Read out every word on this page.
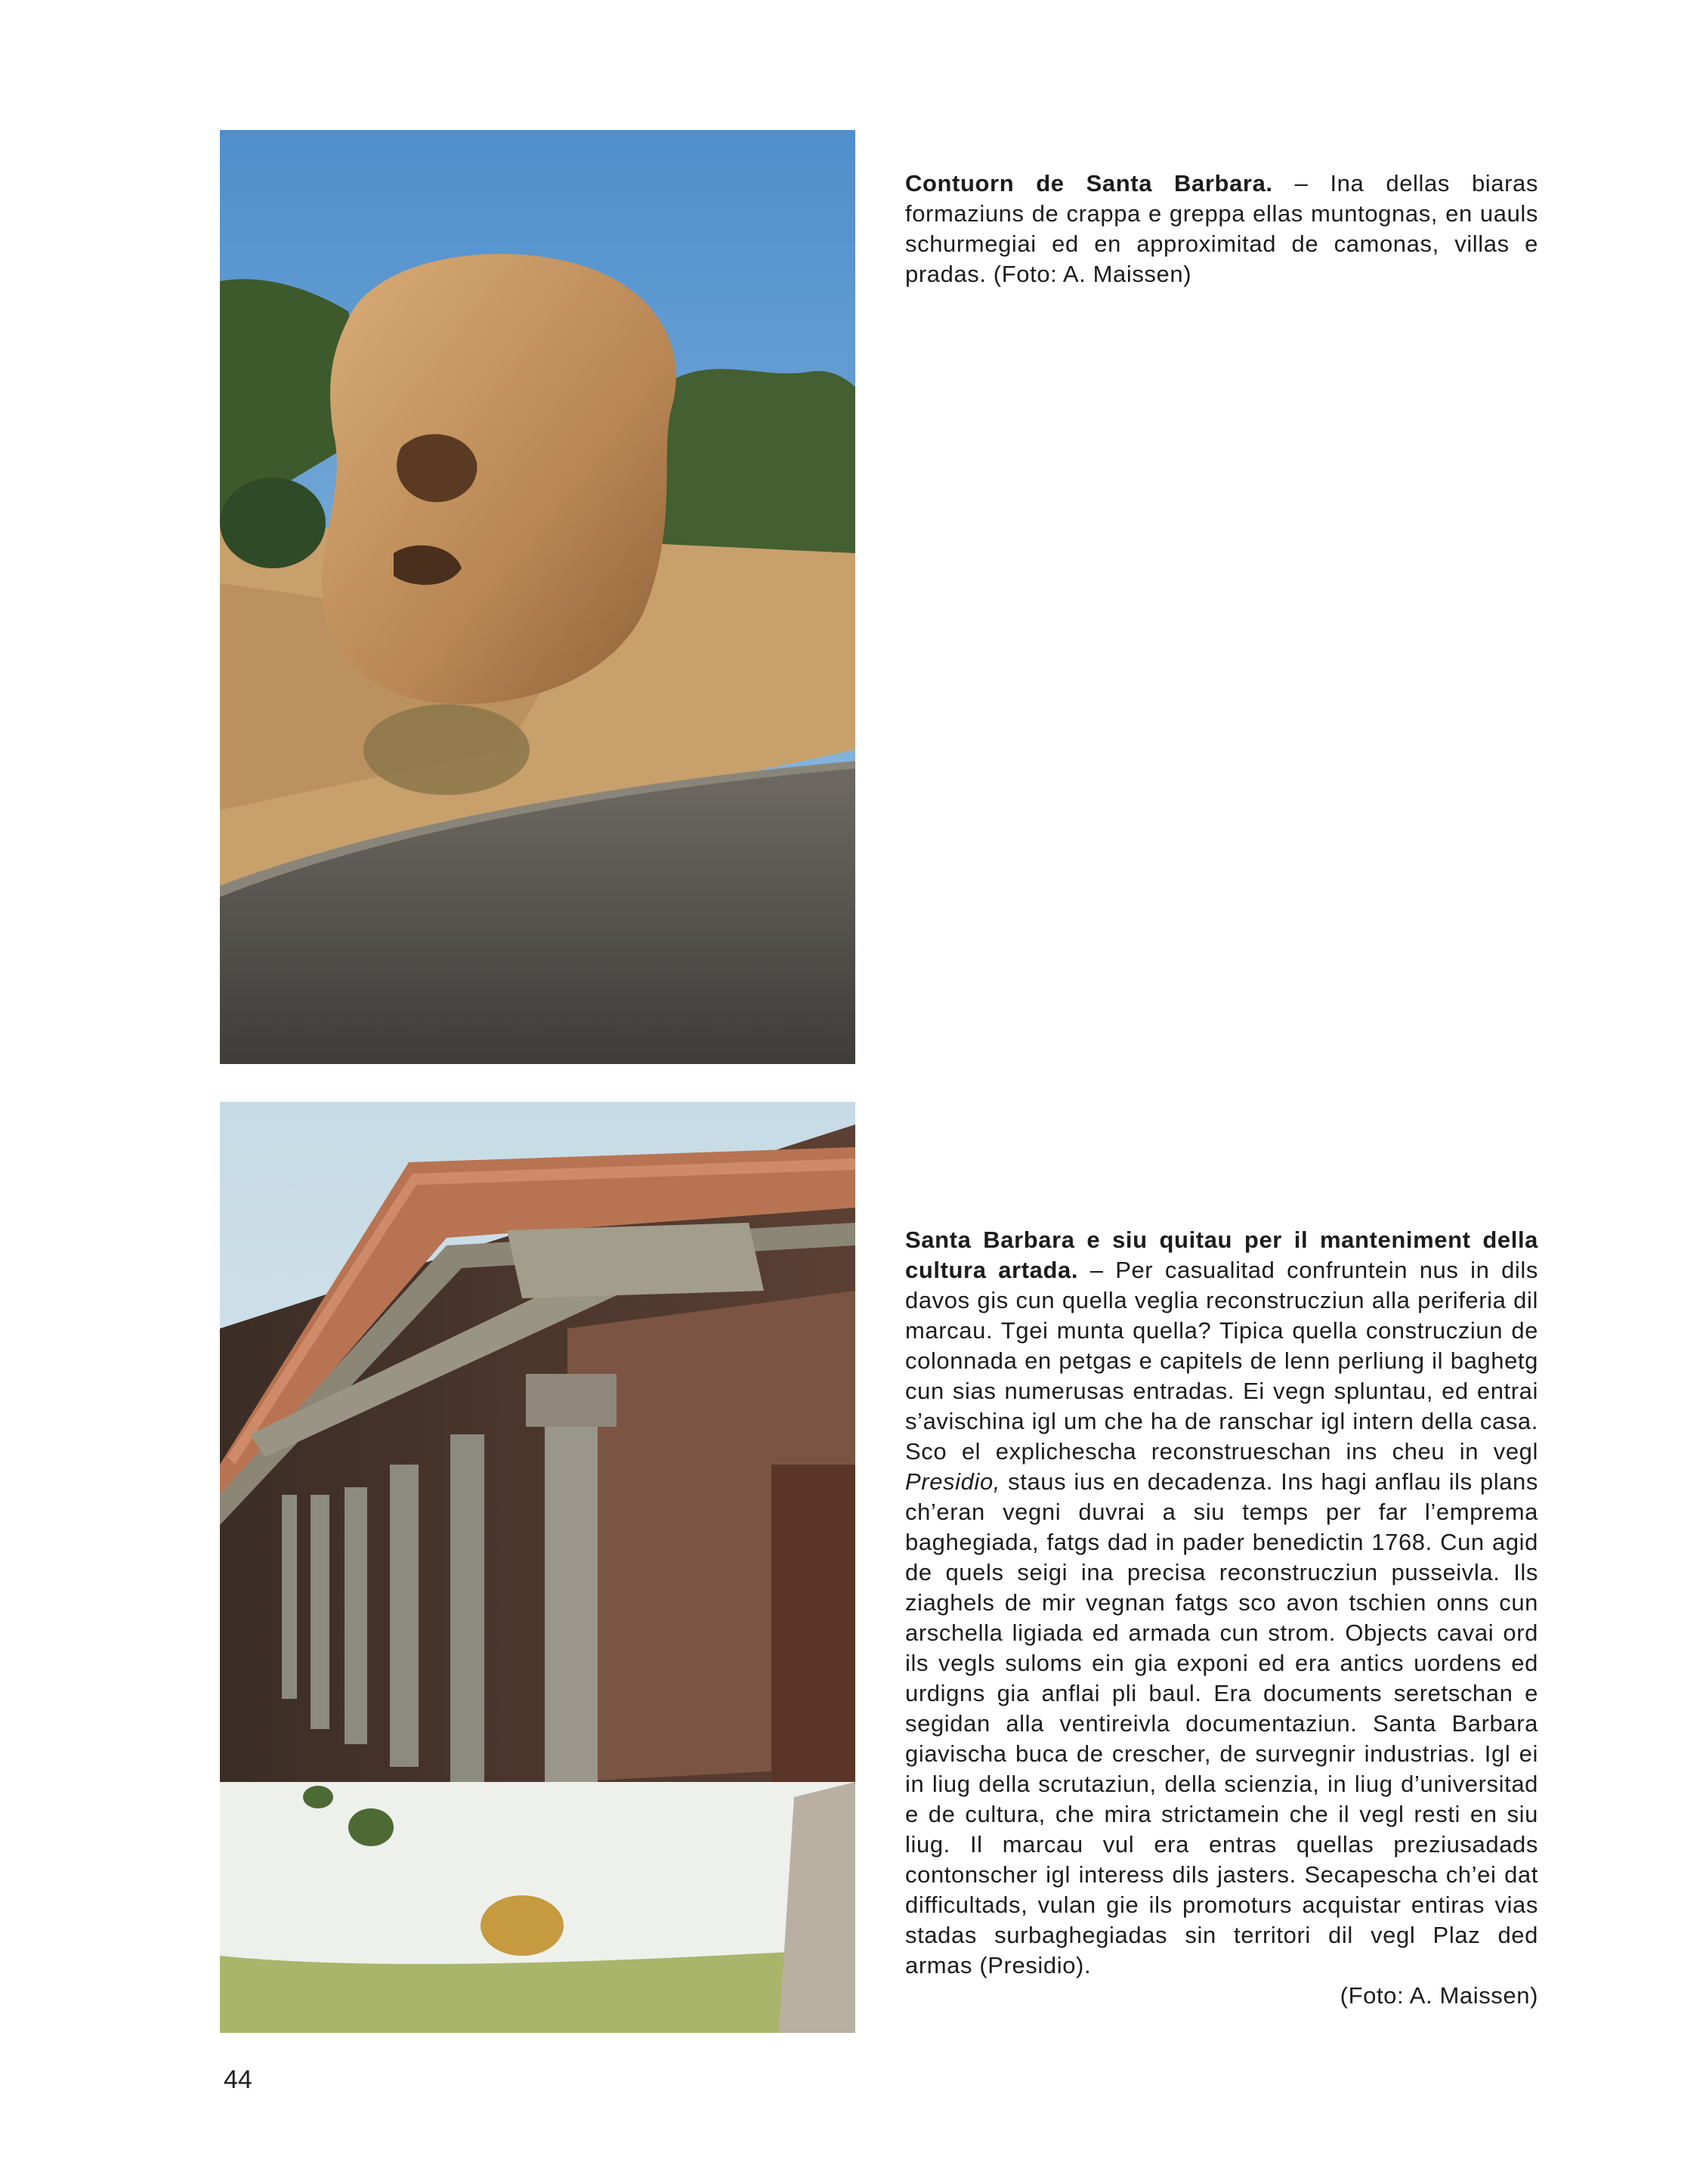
Contuorn de Santa Barbara. – Ina dellas biaras formaziuns de crappa e greppa ellas muntognas, en uauls schurmegiai ed en approximitad de camonas, villas e pradas. (Foto: A. Maissen)
Santa Barbara e siu quitau per il manteniment della cultura artada. – Per casualitad confruntein nus in dils davos gis cun quella veglia reconstrucziun alla periferia dil marcau. Tgei munta quella? Tipica quella construcziun de colonnada en petgas e capitels de lenn perliung il baghetg cun sias numerusas entradas. Ei vegn spluntau, ed entrai s’avischina igl um che ha de ranschar igl intern della casa. Sco el explichescha reconstrueschan ins cheu in vegl Presidio, staus ius en decadenza. Ins hagi anflau ils plans ch’eran vegni duvrai a siu temps per far l’emprema baghegiada, fatgs dad in pader benedictin 1768. Cun agid de quels seigi ina precisa reconstrucziun pusseivla. Ils ziaghels de mir vegnan fatgs sco avon tschien onns cun arschella ligiada ed armada cun strom. Objects cavai ord ils vegls suloms ein gia exponi ed era antics uordens ed urdigns gia anflai pli baul. Era documents seretschan e segidan alla ventireivla documentaziun. Santa Barbara giavischa buca de crescher, de survegnir industrias. Igl ei in liug della scrutaziun, della scienzia, in liug d’universitad e de cultura, che mira strictamein che il vegl resti en siu liug. Il marcau vul era entras quellas preziusadads contonscher igl interess dils jasters. Secapescha ch’ei dat difficultads, vulan gie ils promoturs acquistar entiras vias stadas surbaghegiadas sin territori dil vegl Plaz ded armas (Presidio).
(Foto: A. Maissen)
44
